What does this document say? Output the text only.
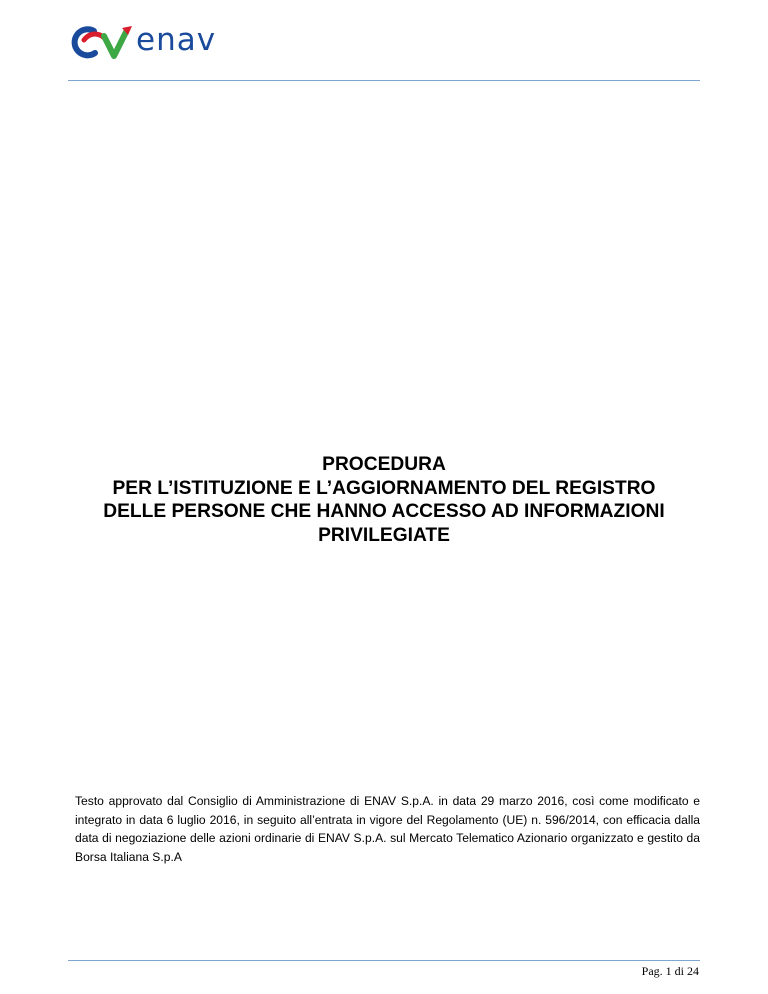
enav
PROCEDURA
PER L’ISTITUZIONE E L’AGGIORNAMENTO DEL REGISTRO
DELLE PERSONE CHE HANNO ACCESSO AD INFORMAZIONI
PRIVILEGIATE

Testo approvato dal Consiglio di Amministrazione di ENAV S.p.A. in data 29 marzo 2016, così come modificato e integrato in data 6 luglio 2016, in seguito all’entrata in vigore del Regolamento (UE) n. 596/2014, con efficacia dalla data di negoziazione delle azioni ordinarie di ENAV S.p.A. sul Mercato Telematico Azionario organizzato e gestito da Borsa Italiana S.p.A

Pag. 1 di 24
